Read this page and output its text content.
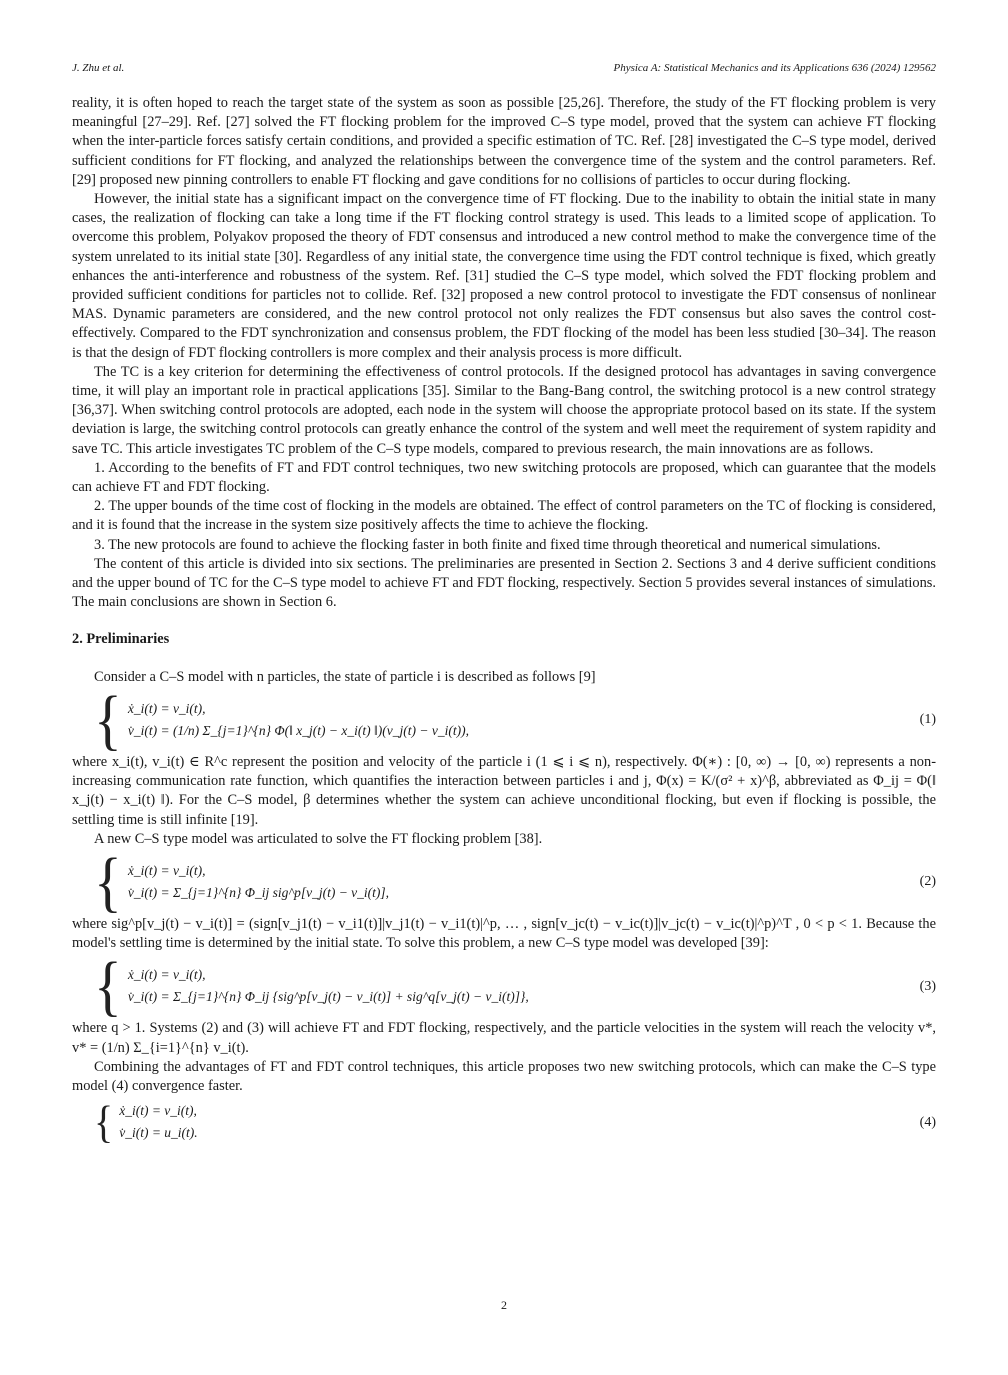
J. Zhu et al.	Physica A: Statistical Mechanics and its Applications 636 (2024) 129562

reality, it is often hoped to reach the target state of the system as soon as possible [25,26]. Therefore, the study of the FT flocking problem is very meaningful [27–29]. Ref. [27] solved the FT flocking problem for the improved C–S type model, proved that the system can achieve FT flocking when the inter-particle forces satisfy certain conditions, and provided a specific estimation of TC. Ref. [28] investigated the C–S type model, derived sufficient conditions for FT flocking, and analyzed the relationships between the convergence time of the system and the control parameters. Ref. [29] proposed new pinning controllers to enable FT flocking and gave conditions for no collisions of particles to occur during flocking.

However, the initial state has a significant impact on the convergence time of FT flocking. Due to the inability to obtain the initial state in many cases, the realization of flocking can take a long time if the FT flocking control strategy is used. This leads to a limited scope of application. To overcome this problem, Polyakov proposed the theory of FDT consensus and introduced a new control method to make the convergence time of the system unrelated to its initial state [30]. Regardless of any initial state, the convergence time using the FDT control technique is fixed, which greatly enhances the anti-interference and robustness of the system. Ref. [31] studied the C–S type model, which solved the FDT flocking problem and provided sufficient conditions for particles not to collide. Ref. [32] proposed a new control protocol to investigate the FDT consensus of nonlinear MAS. Dynamic parameters are considered, and the new control protocol not only realizes the FDT consensus but also saves the control cost-effectively. Compared to the FDT synchronization and consensus problem, the FDT flocking of the model has been less studied [30–34]. The reason is that the design of FDT flocking controllers is more complex and their analysis process is more difficult.

The TC is a key criterion for determining the effectiveness of control protocols. If the designed protocol has advantages in saving convergence time, it will play an important role in practical applications [35]. Similar to the Bang-Bang control, the switching protocol is a new control strategy [36,37]. When switching control protocols are adopted, each node in the system will choose the appropriate protocol based on its state. If the system deviation is large, the switching control protocols can greatly enhance the control of the system and well meet the requirement of system rapidity and save TC. This article investigates TC problem of the C–S type models, compared to previous research, the main innovations are as follows.

1. According to the benefits of FT and FDT control techniques, two new switching protocols are proposed, which can guarantee that the models can achieve FT and FDT flocking.

2. The upper bounds of the time cost of flocking in the models are obtained. The effect of control parameters on the TC of flocking is considered, and it is found that the increase in the system size positively affects the time to achieve the flocking.

3. The new protocols are found to achieve the flocking faster in both finite and fixed time through theoretical and numerical simulations.

The content of this article is divided into six sections. The preliminaries are presented in Section 2. Sections 3 and 4 derive sufficient conditions and the upper bound of TC for the C–S type model to achieve FT and FDT flocking, respectively. Section 5 provides several instances of simulations. The main conclusions are shown in Section 6.

2. Preliminaries

Consider a C–S model with n particles, the state of particle i is described as follows [9]

{ ẋ_i(t) = v_i(t),
v̇_i(t) = (1/n) Σ_{j=1}^{n} Φ(‖ x_j(t) − x_i(t) ‖)(v_j(t) − v_i(t)),
(1)

where x_i(t), v_i(t) ∈ R^c represent the position and velocity of the particle i (1 ⩽ i ⩽ n), respectively. Φ(∗) : [0, ∞) → [0, ∞) represents a non-increasing communication rate function, which quantifies the interaction between particles i and j, Φ(x) = K/(σ² + x)^β, abbreviated as Φ_ij = Φ(‖ x_j(t) − x_i(t) ‖). For the C–S model, β determines whether the system can achieve unconditional flocking, but even if flocking is possible, the settling time is still infinite [19].

A new C–S type model was articulated to solve the FT flocking problem [38].

{ ẋ_i(t) = v_i(t),
v̇_i(t) = Σ_{j=1}^{n} Φ_ij sig^p[v_j(t) − v_i(t)],
(2)

where sig^p[v_j(t) − v_i(t)] = (sign[v_j1(t) − v_i1(t)]|v_j1(t) − v_i1(t)|^p, … , sign[v_jc(t) − v_ic(t)]|v_jc(t) − v_ic(t)|^p)^T , 0 < p < 1. Because the model's settling time is determined by the initial state. To solve this problem, a new C–S type model was developed [39]:

{ ẋ_i(t) = v_i(t),
v̇_i(t) = Σ_{j=1}^{n} Φ_ij {sig^p[v_j(t) − v_i(t)] + sig^q[v_j(t) − v_i(t)]},
(3)

where q > 1. Systems (2) and (3) will achieve FT and FDT flocking, respectively, and the particle velocities in the system will reach the velocity v*, v* = (1/n) Σ_{i=1}^{n} v_i(t).

Combining the advantages of FT and FDT control techniques, this article proposes two new switching protocols, which can make the C–S type model (4) convergence faster.

{ ẋ_i(t) = v_i(t),
v̇_i(t) = u_i(t).
(4)
2
